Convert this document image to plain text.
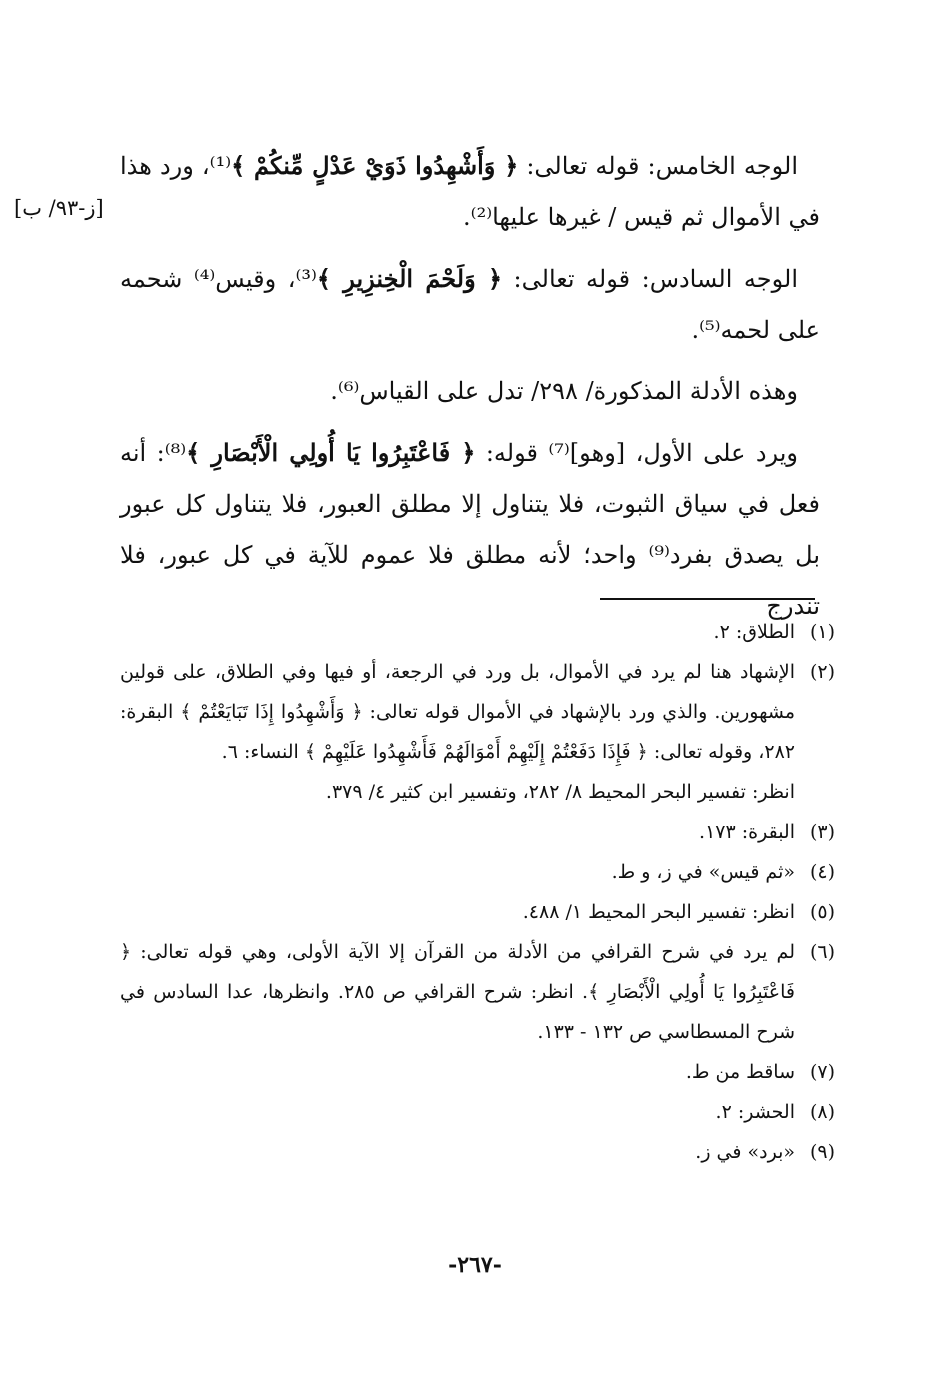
[ز-٩٣/ ب]

الوجه الخامس: قوله تعالى: ﴿ وَأَشْهِدُوا ذَوَيْ عَدْلٍ مِّنكُمْ ﴾⁽¹⁾، ورد هذا في الأموال ثم قيس / غيرها عليها⁽²⁾.

الوجه السادس: قوله تعالى: ﴿ وَلَحْمَ الْخِنزِيرِ ﴾⁽³⁾، وقيس⁽⁴⁾ شحمه على لحمه⁽⁵⁾.

وهذه الأدلة المذكورة/ ٢٩٨/ تدل على القياس⁽⁶⁾.

ويرد على الأول، [وهو]⁽⁷⁾ قوله: ﴿ فَاعْتَبِرُوا يَا أُولِي الْأَبْصَارِ ﴾⁽⁸⁾: أنه فعل في سياق الثبوت، فلا يتناول إلا مطلق العبور، فلا يتناول كل عبور بل يصدق بفرد⁽⁹⁾ واحد؛ لأنه مطلق فلا عموم للآية في كل عبور، فلا تندرج

(١)
الطلاق: ٢.
(٢)
الإشهاد هنا لم يرد في الأموال، بل ورد في الرجعة، أو فيها وفي الطلاق، على قولين مشهورين. والذي ورد بالإشهاد في الأموال قوله تعالى: ﴿ وَأَشْهِدُوا إِذَا تَبَايَعْتُمْ ﴾ البقرة: ٢٨٢، وقوله تعالى: ﴿ فَإِذَا دَفَعْتُمْ إِلَيْهِمْ أَمْوَالَهُمْ فَأَشْهِدُوا عَلَيْهِمْ ﴾ النساء: ٦.
انظر: تفسير البحر المحيط ٨/ ٢٨٢، وتفسير ابن كثير ٤/ ٣٧٩.
(٣)
البقرة: ١٧٣.
(٤)
«ثم قيس» في ز، و ط.
(٥)
انظر: تفسير البحر المحيط ١/ ٤٨٨.
(٦)
لم يرد في شرح القرافي من الأدلة من القرآن إلا الآية الأولى، وهي قوله تعالى: ﴿ فَاعْتَبِرُوا يَا أُولِي الْأَبْصَارِ ﴾. انظر: شرح القرافي ص ٢٨٥. وانظرها، عدا السادس في شرح المسطاسي ص ١٣٢ - ١٣٣.
(٧)
ساقط من ط.
(٨)
الحشر: ٢.
(٩)
«برد» في ز.
-٢٦٧-
